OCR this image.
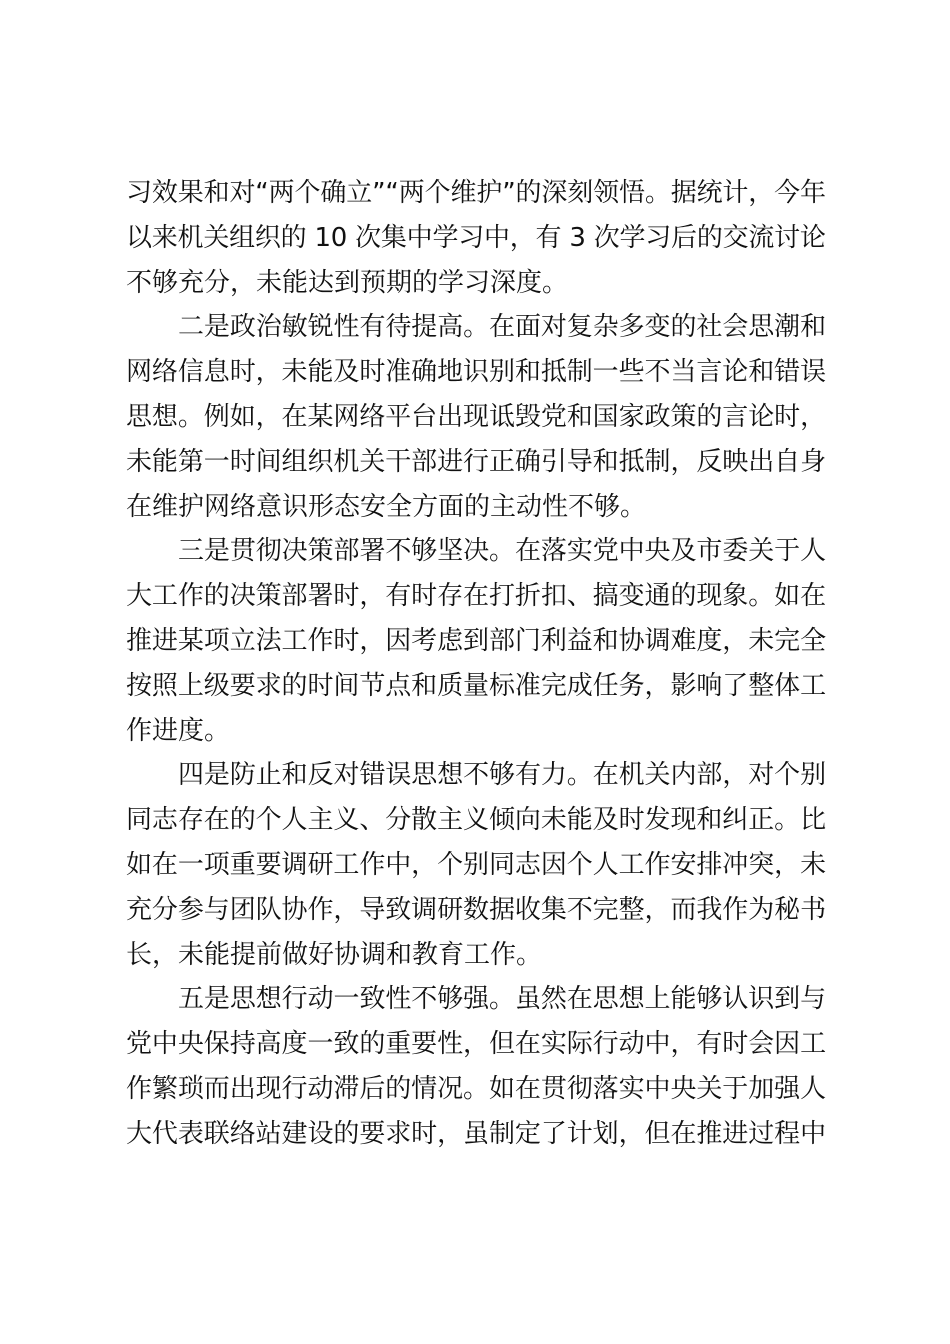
习效果和对“两个确立”“两个维护”的深刻领悟。据统计，今年
以来机关组织的 10 次集中学习中，有 3 次学习后的交流讨论
不够充分，未能达到预期的学习深度。
二是政治敏锐性有待提高。在面对复杂多变的社会思潮和
网络信息时，未能及时准确地识别和抵制一些不当言论和错误
思想。例如，在某网络平台出现诋毁党和国家政策的言论时，
未能第一时间组织机关干部进行正确引导和抵制，反映出自身
在维护网络意识形态安全方面的主动性不够。
三是贯彻决策部署不够坚决。在落实党中央及市委关于人
大工作的决策部署时，有时存在打折扣、搞变通的现象。如在
推进某项立法工作时，因考虑到部门利益和协调难度，未完全
按照上级要求的时间节点和质量标准完成任务，影响了整体工
作进度。
四是防止和反对错误思想不够有力。在机关内部，对个别
同志存在的个人主义、分散主义倾向未能及时发现和纠正。比
如在一项重要调研工作中，个别同志因个人工作安排冲突，未
充分参与团队协作，导致调研数据收集不完整，而我作为秘书
长，未能提前做好协调和教育工作。
五是思想行动一致性不够强。虽然在思想上能够认识到与
党中央保持高度一致的重要性，但在实际行动中，有时会因工
作繁琐而出现行动滞后的情况。如在贯彻落实中央关于加强人
大代表联络站建设的要求时，虽制定了计划，但在推进过程中
